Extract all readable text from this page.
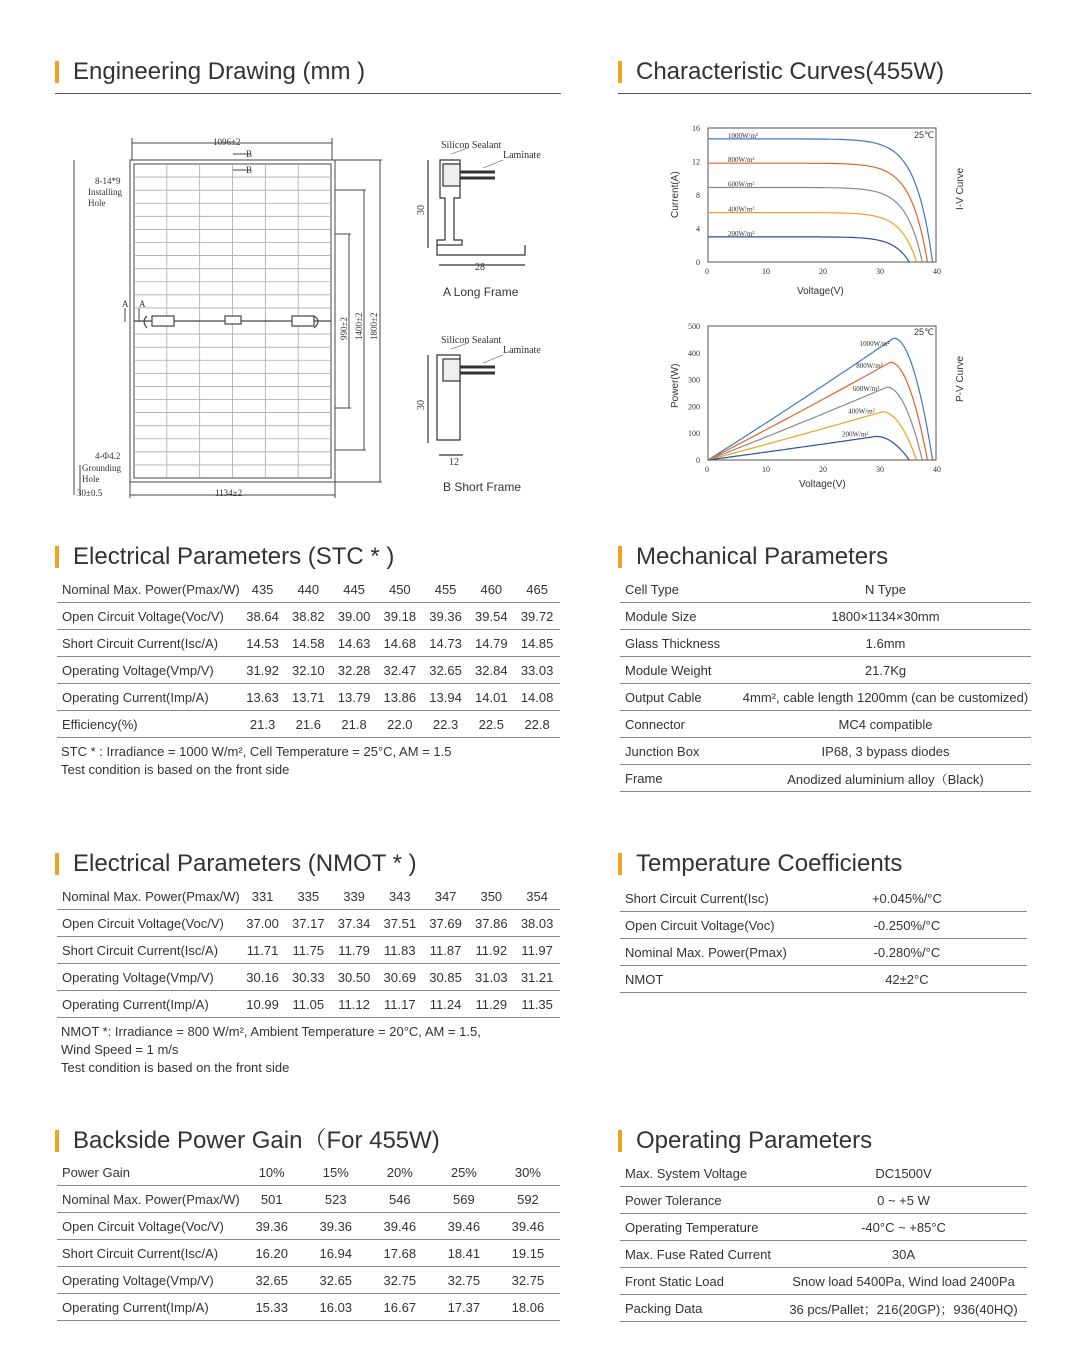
Engineering Drawing (mm )	Characteristic Curves(455W)
Electrical Parameters (STC * )	Mechanical Parameters
Electrical Parameters (NMOT * )	Temperature Coefficients
Backside Power Gain（For 455W)	Operating Parameters
1096±2
B
B
A A
8-14*9
Installing
Hole
4-Φ4.2
Grounding
Hole
30±0.5	1134±2
990±2 1400±2 1800±2
Silicon Sealant
Laminate
30
28
A Long Frame
Silicon Sealant
Laminate
30
12
B Short Frame
0	10	20	30	40
0
4
8
12
16
1000W/m²
800W/m²
600W/m²
400W/m²
200W/m²
Voltage(V)
Current(A)	I-V Curve
25℃
0	10	20	30	40
0
100
200
300
400
500
1000W/m²
800W/m²
600W/m²
400W/m²
200W/m²
Voltage(V)
Power(W)	P-V Curve
25℃
Nominal Max. Power(Pmax/W)	435	440	445	450	455	460	465
Open Circuit Voltage(Voc/V)	38.64	38.82	39.00	39.18	39.36	39.54	39.72
Short Circuit Current(Isc/A)	14.53	14.58	14.63	14.68	14.73	14.79	14.85
Operating Voltage(Vmp/V)	31.92	32.10	32.28	32.47	32.65	32.84	33.03
Operating Current(Imp/A)	13.63	13.71	13.79	13.86	13.94	14.01	14.08
Efficiency(%)	21.3	21.6	21.8	22.0	22.3	22.5	22.8
STC * : Irradiance = 1000 W/m², Cell Temperature = 25°C, AM = 1.5
Test condition is based on the front side
Cell Type	N Type
Module Size	1800×1134×30mm
Glass Thickness	1.6mm
Module Weight	21.7Kg
Output Cable	4mm², cable length 1200mm (can be customized)
Connector	MC4 compatible
Junction Box	IP68, 3 bypass diodes
Frame	Anodized aluminium alloy（Black)
Nominal Max. Power(Pmax/W)	331	335	339	343	347	350	354
Open Circuit Voltage(Voc/V)	37.00	37.17	37.34	37.51	37.69	37.86	38.03
Short Circuit Current(Isc/A)	11.71	11.75	11.79	11.83	11.87	11.92	11.97
Operating Voltage(Vmp/V)	30.16	30.33	30.50	30.69	30.85	31.03	31.21
Operating Current(Imp/A)	10.99	11.05	11.12	11.17	11.24	11.29	11.35
NMOT *: Irradiance = 800 W/m², Ambient Temperature = 20°C, AM = 1.5,
Wind Speed = 1 m/s
Test condition is based on the front side
Short Circuit Current(Isc)	+0.045%/°C
Open Circuit Voltage(Voc)	-0.250%/°C
Nominal Max. Power(Pmax)	-0.280%/°C
NMOT	42±2°C
Power Gain	10%	15%	20%	25%	30%
Nominal Max. Power(Pmax/W)	501	523	546	569	592
Open Circuit Voltage(Voc/V)	39.36	39.36	39.46	39.46	39.46
Short Circuit Current(Isc/A)	16.20	16.94	17.68	18.41	19.15
Operating Voltage(Vmp/V)	32.65	32.65	32.75	32.75	32.75
Operating Current(Imp/A)	15.33	16.03	16.67	17.37	18.06
Max. System Voltage	DC1500V
Power Tolerance	0 ~ +5 W
Operating Temperature	-40°C ~ +85°C
Max. Fuse Rated Current	30A
Front Static Load	Snow load 5400Pa, Wind load 2400Pa
Packing Data	36 pcs/Pallet；216(20GP)；936(40HQ)
